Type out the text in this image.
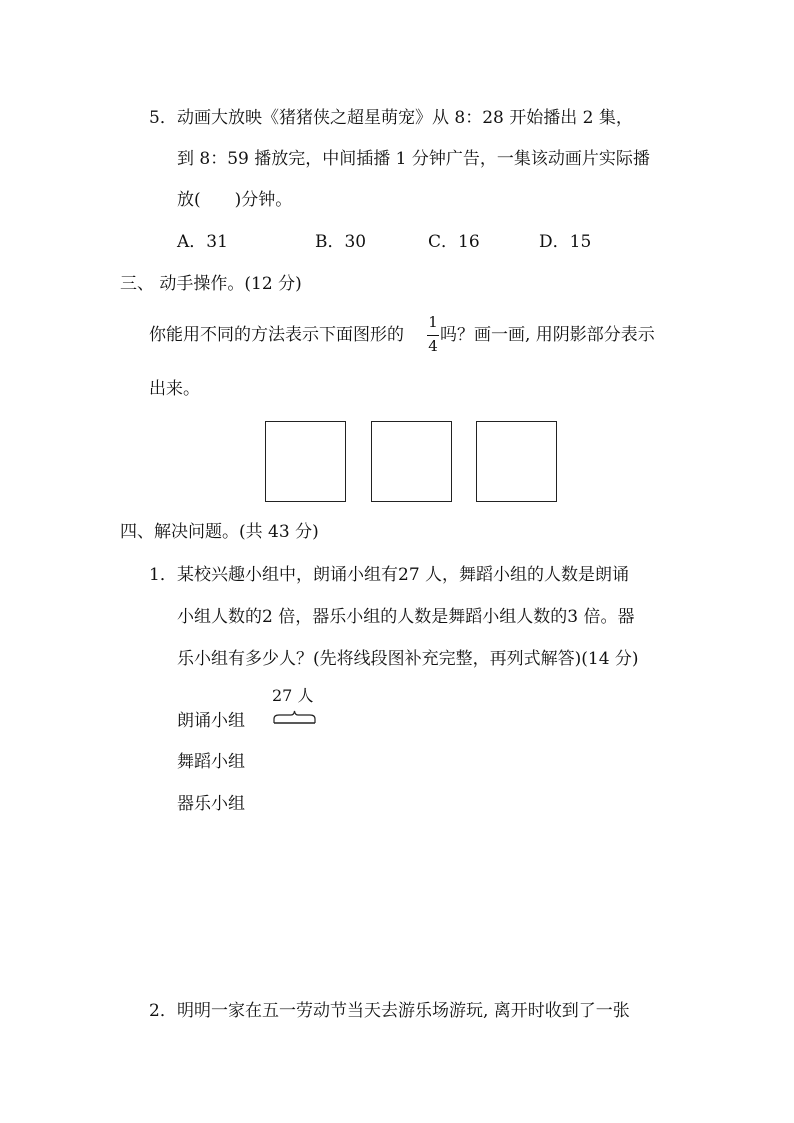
5． 动画大放映《猪猪侠之超星萌宠》从 8：28 开始播出 2 集，
到 8：59 播放完，中间插播 1 分钟广告，一集该动画片实际播
放(　　)分钟。
A．31	B．30	C．16	D．15
三、 动手操作。(12 分)
你能用不同的方法表示下面图形的
1
4
吗？画一画, 用阴影部分表示
出来。
四、解决问题。(共 43 分)
1． 某校兴趣小组中，朗诵小组有27 人，舞蹈小组的人数是朗诵
小组人数的2 倍，器乐小组的人数是舞蹈小组人数的3 倍。器
乐小组有多少人？(先将线段图补充完整，再列式解答)(14 分)
27 人
朗诵小组
舞蹈小组
器乐小组
2． 明明一家在五一劳动节当天去游乐场游玩, 离开时收到了一张
